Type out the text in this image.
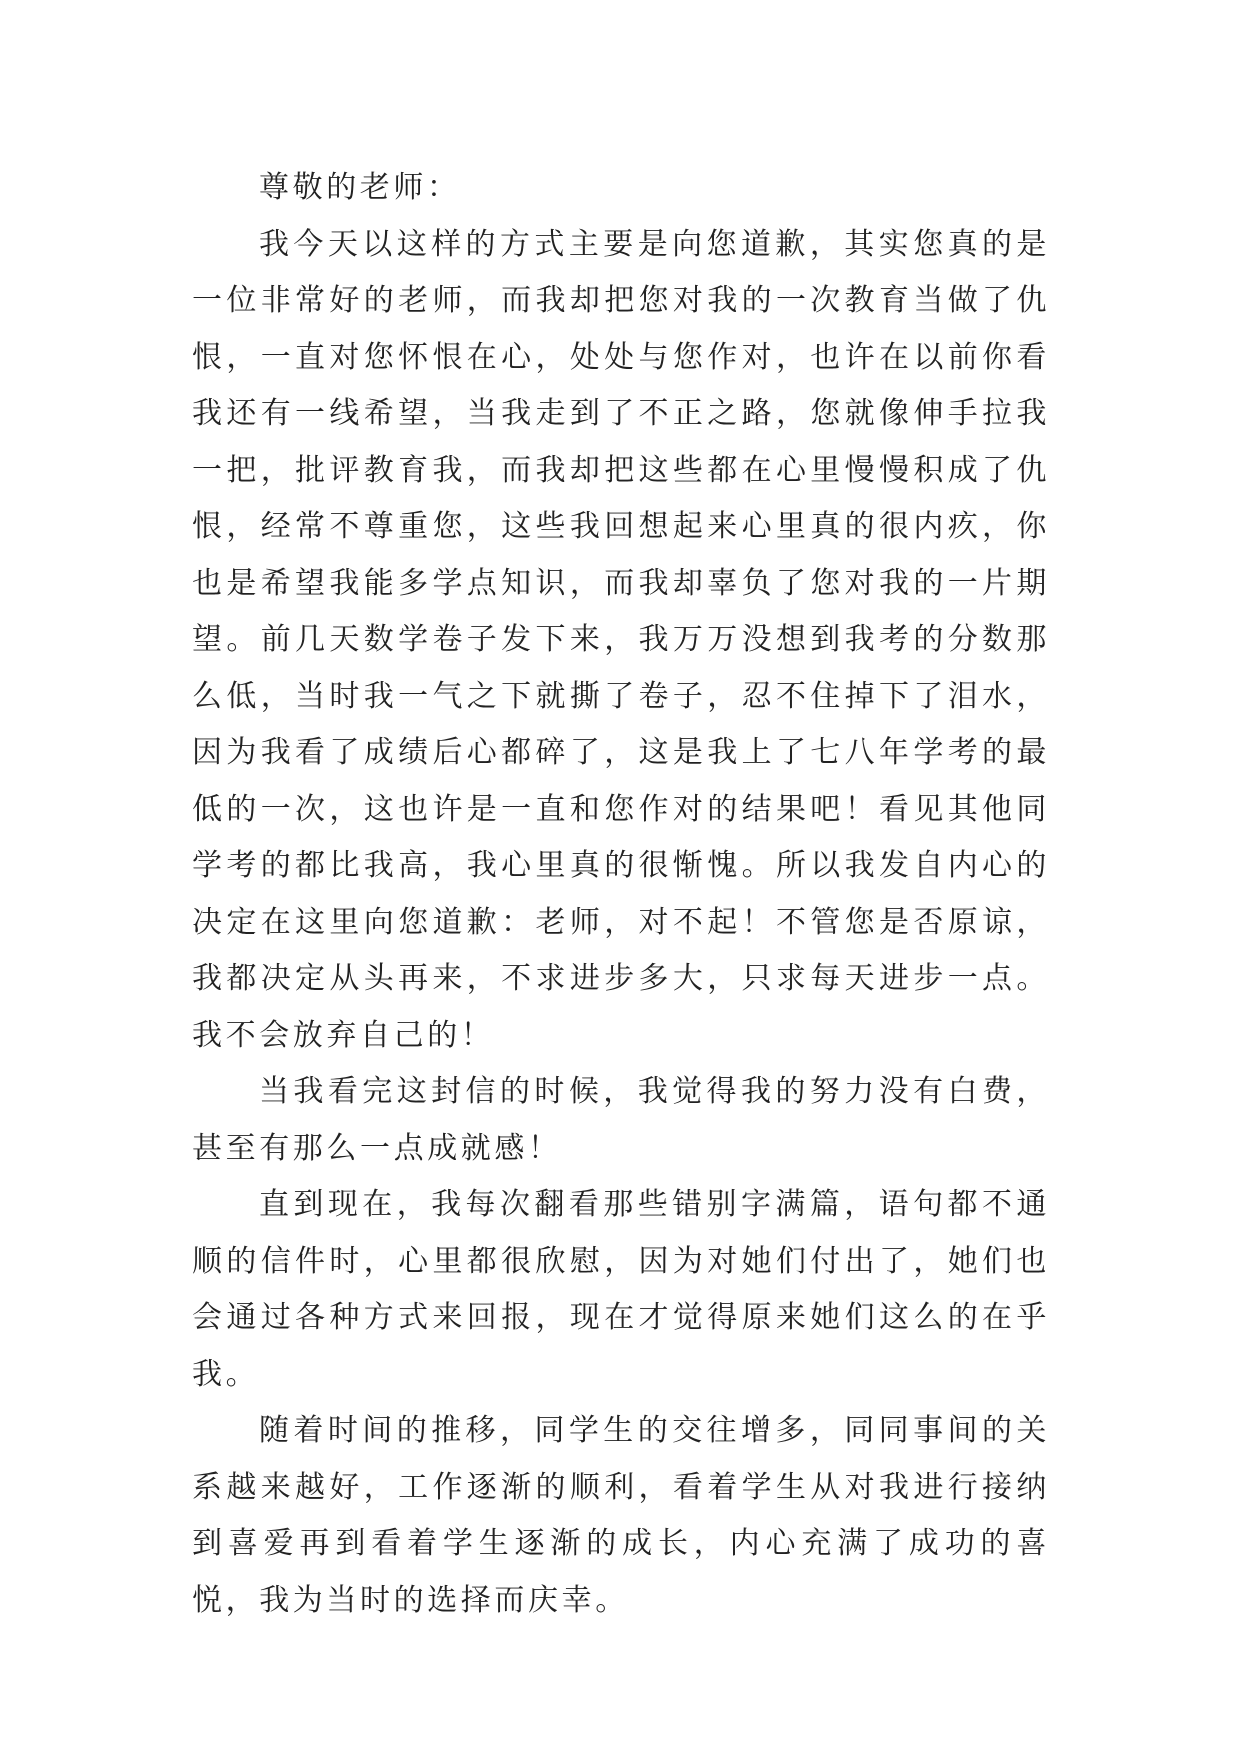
尊敬的老师：

我今天以这样的方式主要是向您道歉，其实您真的是一位非常好的老师，而我却把您对我的一次教育当做了仇恨，一直对您怀恨在心，处处与您作对，也许在以前你看我还有一线希望，当我走到了不正之路，您就像伸手拉我一把，批评教育我，而我却把这些都在心里慢慢积成了仇恨，经常不尊重您，这些我回想起来心里真的很内疚，你也是希望我能多学点知识，而我却辜负了您对我的一片期望。前几天数学卷子发下来，我万万没想到我考的分数那么低，当时我一气之下就撕了卷子，忍不住掉下了泪水，因为我看了成绩后心都碎了，这是我上了七八年学考的最低的一次，这也许是一直和您作对的结果吧！看见其他同学考的都比我高，我心里真的很惭愧。所以我发自内心的决定在这里向您道歉：老师，对不起！不管您是否原谅，我都决定从头再来，不求进步多大，只求每天进步一点。我不会放弃自己的！

当我看完这封信的时候，我觉得我的努力没有白费，甚至有那么一点成就感！

直到现在，我每次翻看那些错别字满篇，语句都不通顺的信件时，心里都很欣慰，因为对她们付出了，她们也会通过各种方式来回报，现在才觉得原来她们这么的在乎我。

随着时间的推移，同学生的交往增多，同同事间的关系越来越好，工作逐渐的顺利，看着学生从对我进行接纳到喜爱再到看着学生逐渐的成长，内心充满了成功的喜悦，我为当时的选择而庆幸。
